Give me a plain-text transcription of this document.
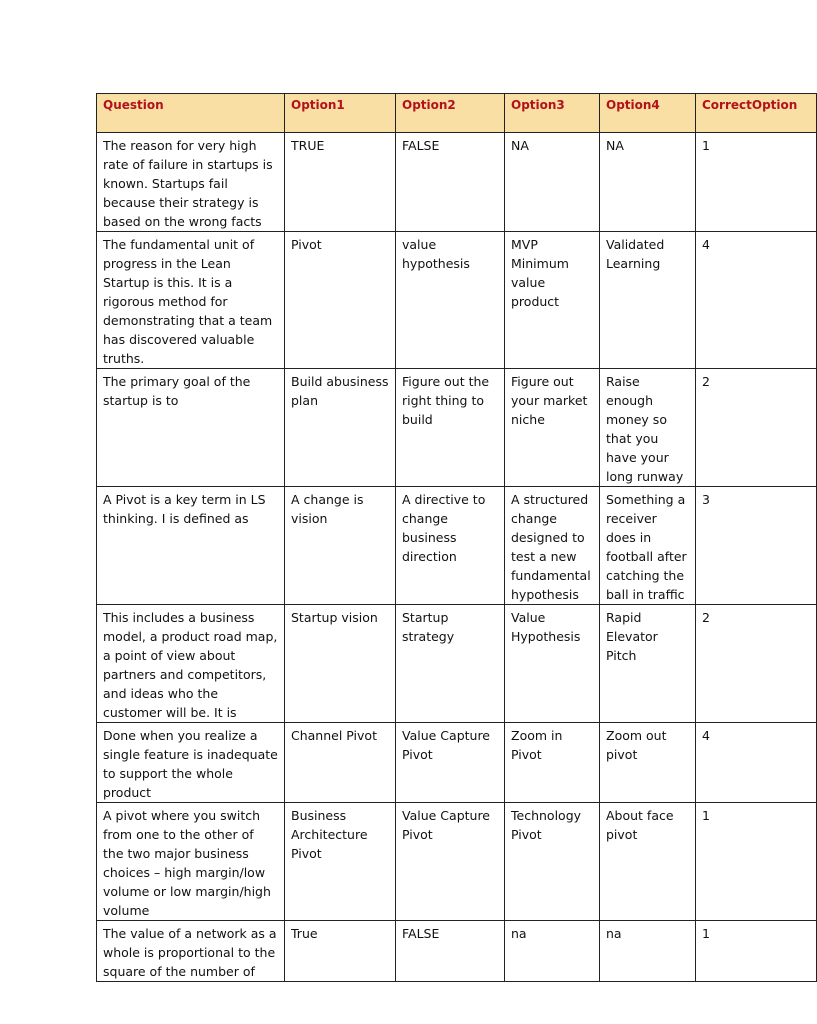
Question	Option1	Option2	Option3	Option4	CorrectOption
The reason for very high rate of failure in startups is known. Startups fail because their strategy is based on the wrong facts	TRUE	FALSE	NA	NA	1
The fundamental unit of progress in the Lean Startup is this. It is a rigorous method for demonstrating that a team has discovered valuable truths.	Pivot	value hypothesis	MVP Minimum value product	Validated Learning	4
The primary goal of the startup is to	Build abusiness plan	Figure out the right thing to build	Figure out your market niche	Raise enough money so that you have your long runway	2
A Pivot is a key term in LS thinking. I is defined as	A change is vision	A directive to change business direction	A structured change designed to test a new fundamental hypothesis	Something a receiver does in football after catching the ball in traffic	3
This includes a business model, a product road map, a point of view about partners and competitors, and ideas who the customer will be. It is	Startup vision	Startup strategy	Value Hypothesis	Rapid Elevator Pitch	2
Done when you realize a single feature is inadequate to support the whole product	Channel Pivot	Value Capture Pivot	Zoom in Pivot	Zoom out pivot	4
A pivot where you switch from one to the other of the two major business choices – high margin/low volume or low margin/high volume	Business Architecture Pivot	Value Capture Pivot	Technology Pivot	About face pivot	1
The value of a network as a whole is proportional to the square of the number of	True	FALSE	na	na	1
